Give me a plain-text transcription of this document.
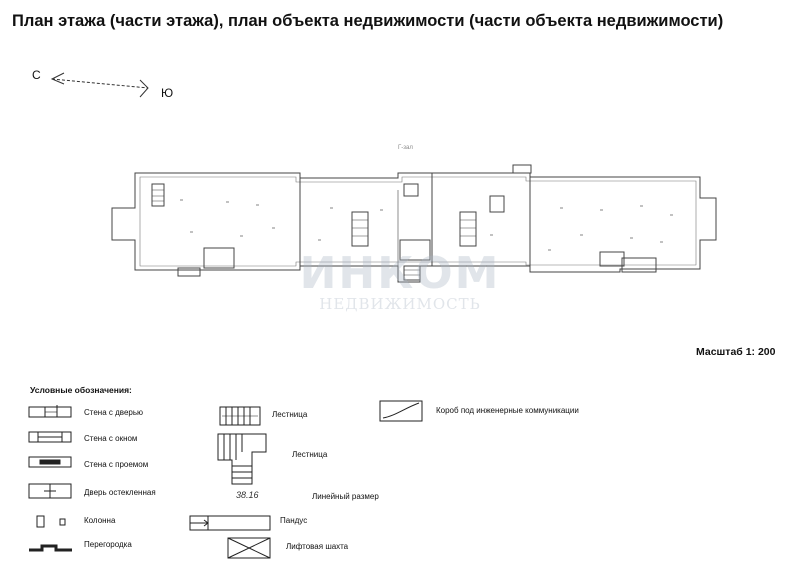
План этажа (части этажа), план объекта недвижимости (части объекта недвижимости)
С
Ю
Г-зал
ИНКОМ
НЕДВИЖИМОСТЬ
Масштаб 1: 200
Условные обозначения:
Стена с дверью
Стена с окном
Стена с проемом
Дверь остекленная
Колонна
Перегородка
Лестница
Лестница
38.16	Линейный размер
Пандус
Лифтовая шахта
Короб под инженерные коммуникации
